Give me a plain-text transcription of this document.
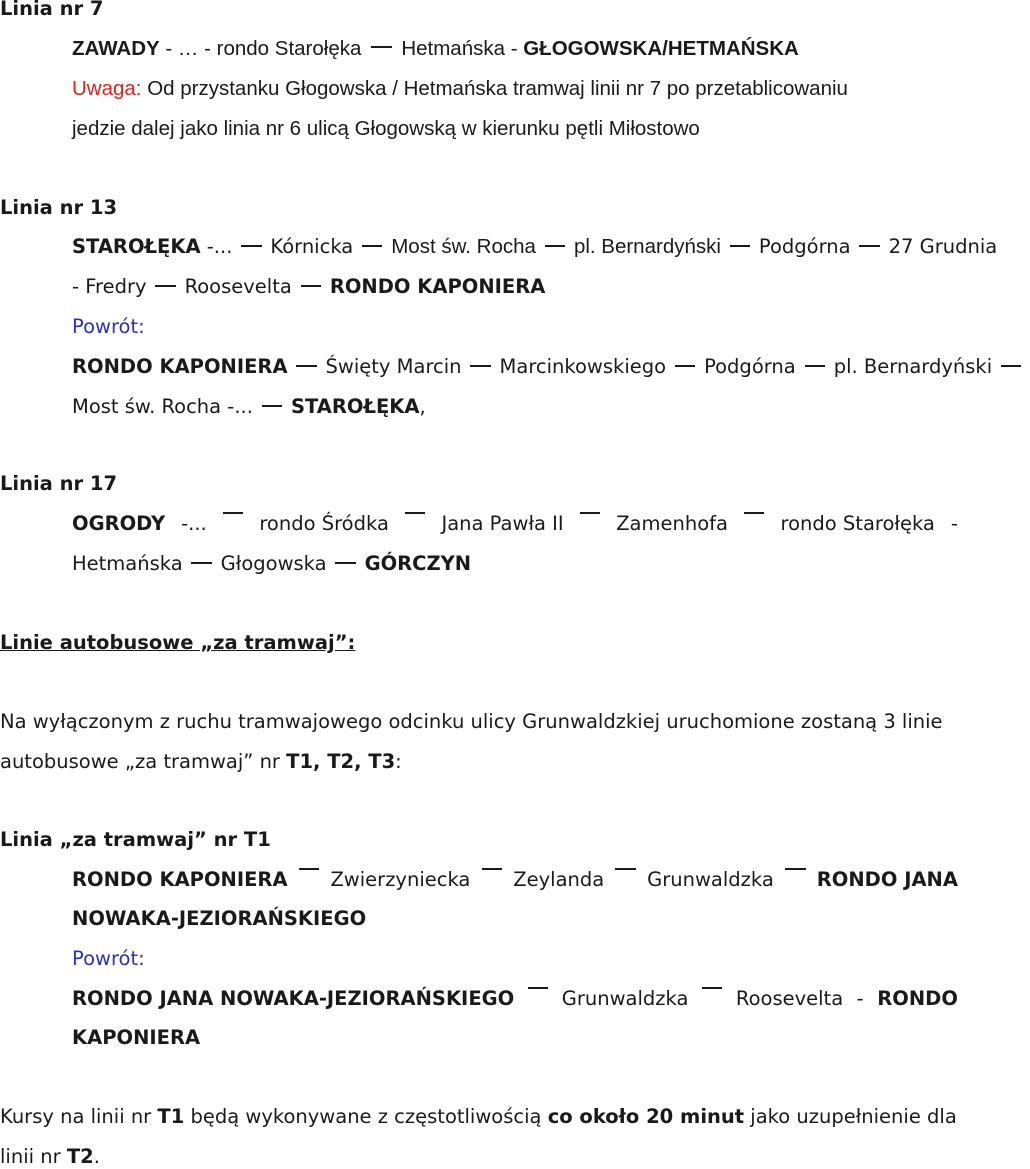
Linia nr 7
ZAWADY - … - rondo Starołęka Hetmańska - GŁOGOWSKA/HETMAŃSKA
Uwaga: Od przystanku Głogowska / Hetmańska tramwaj linii nr 7 po przetablicowaniu
jedzie dalej jako linia nr 6 ulicą Głogowską w kierunku pętli Miłostowo
Linia nr 13
STAROŁĘKA -... Kórnicka Most św. Rocha pl. Bernardyński Podgórna 27 Grudnia
- Fredry Roosevelta RONDO KAPONIERA
Powrót:
RONDO KAPONIERA Święty Marcin Marcinkowskiego Podgórna pl. Bernardyński
Most św. Rocha -... STAROŁĘKA,
Linia nr 17
OGRODY -...	rondo Śródka	Jana Pawła II	Zamenhofa	rondo Starołęka -
Hetmańska Głogowska GÓRCZYN
Linie autobusowe „za tramwaj”:
Na wyłączonym z ruchu tramwajowego odcinku ulicy Grunwaldzkiej uruchomione zostaną 3 linie
autobusowe „za tramwaj” nr T1, T2, T3:
Linia „za tramwaj” nr T1
RONDO KAPONIERA Zwierzyniecka Zeylanda Grunwaldzka RONDO JANA
NOWAKA-JEZIORAŃSKIEGO
Powrót:
RONDO JANA NOWAKA-JEZIORAŃSKIEGO Grunwaldzka Roosevelta - RONDO
KAPONIERA
Kursy na linii nr T1 będą wykonywane z częstotliwością co około 20 minut jako uzupełnienie dla
linii nr T2.
